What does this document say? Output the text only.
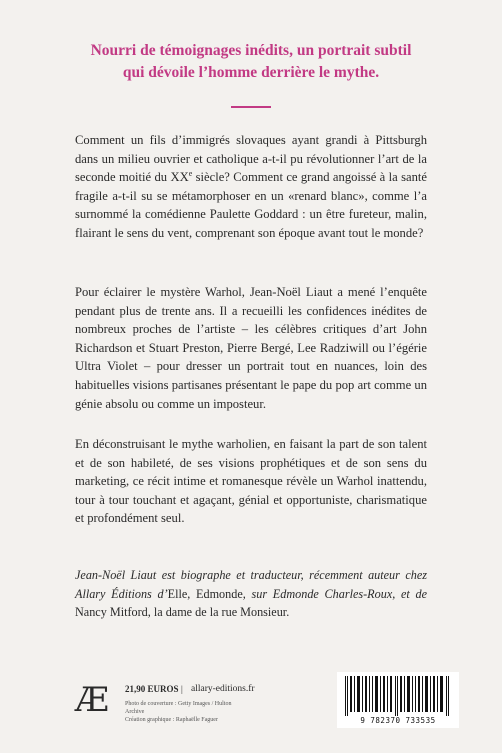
Nourri de témoignages inédits, un portrait subtil
qui dévoile l’homme derrière le mythe.
Comment un fils d’immigrés slovaques ayant grandi à Pittsburgh dans un milieu ouvrier et catholique a-t-il pu révolutionner l’art de la seconde moitié du XXe siècle? Comment ce grand angoissé à la santé fragile a-t-il su se métamorphoser en un «renard blanc», comme l’a surnommé la comédienne Paulette Goddard : un être fureteur, malin, flairant le sens du vent, comprenant son époque avant tout le monde?
Pour éclairer le mystère Warhol, Jean-Noël Liaut a mené l’enquête pendant plus de trente ans. Il a recueilli les confidences inédites de nombreux proches de l’artiste – les célèbres critiques d’art John Richardson et Stuart Preston, Pierre Bergé, Lee Radziwill ou l’égérie Ultra Violet – pour dresser un portrait tout en nuances, loin des habituelles visions partisanes présentant le pape du pop art comme un génie absolu ou comme un imposteur.
En déconstruisant le mythe warholien, en faisant la part de son talent et de son habileté, de ses visions prophétiques et de son sens du marketing, ce récit intime et romanesque révèle un Warhol inattendu, tour à tour touchant et agaçant, génial et opportuniste, charismatique et profondément seul.
Jean-Noël Liaut est biographe et traducteur, récemment auteur chez Allary Éditions d’Elle, Edmonde, sur Edmonde Charles-Roux, et de Nancy Mitford, la dame de la rue Monsieur.
Æ 21,90 EUROS | allary-editions.fr
Photo de couverture : Getty Images / Hulton Archive
Création graphique : Raphaëlle Faguer	9 782370 733535
